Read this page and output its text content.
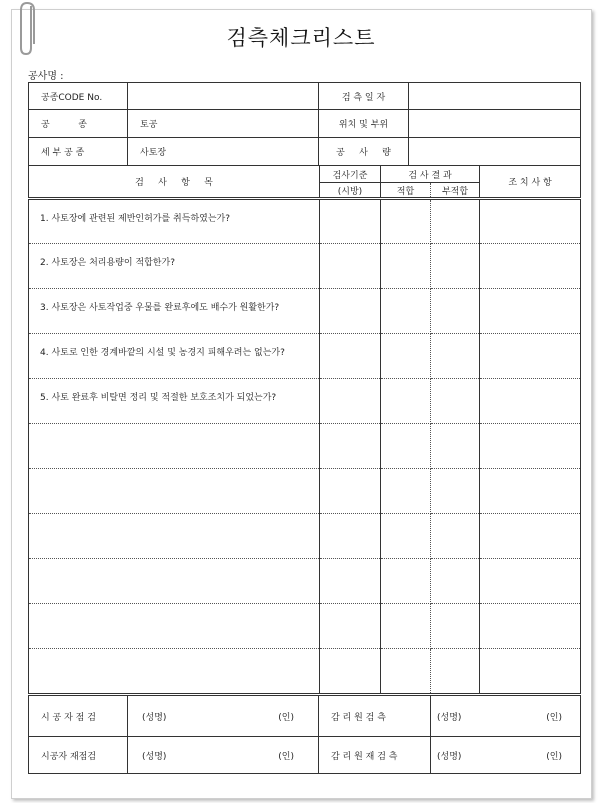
검측체크리스트
공사명 :
공종CODE No.		검 측 일 자	
공          종	토공	위치 및 부위	
세 부 공 종	사토장	공     사     량	
검     사     항     목	검사기준	검 사 결 과		조 치 사 항
	(시방)	적합	부적합	
1. 사토장에 관련된 제반인허가를 취득하였는가?				
2. 사토장은 처리용량이 적합한가?				
3. 사토장은 사토작업중 우물를 완료후에도 배수가 원활한가?				
4. 사토로 인한 경계바깥의 시설 및 농경지 피해우려는 없는가?				
5. 사토 완료후 비탈면 정리 및 적절한 보호조치가 되었는가?				

시 공 자 점 검	(성명) (인)	감 리 원 검 측	(성명) (인)

시공자 재점검	(성명) (인)	감 리 원 재 검 측	(성명) (인)
